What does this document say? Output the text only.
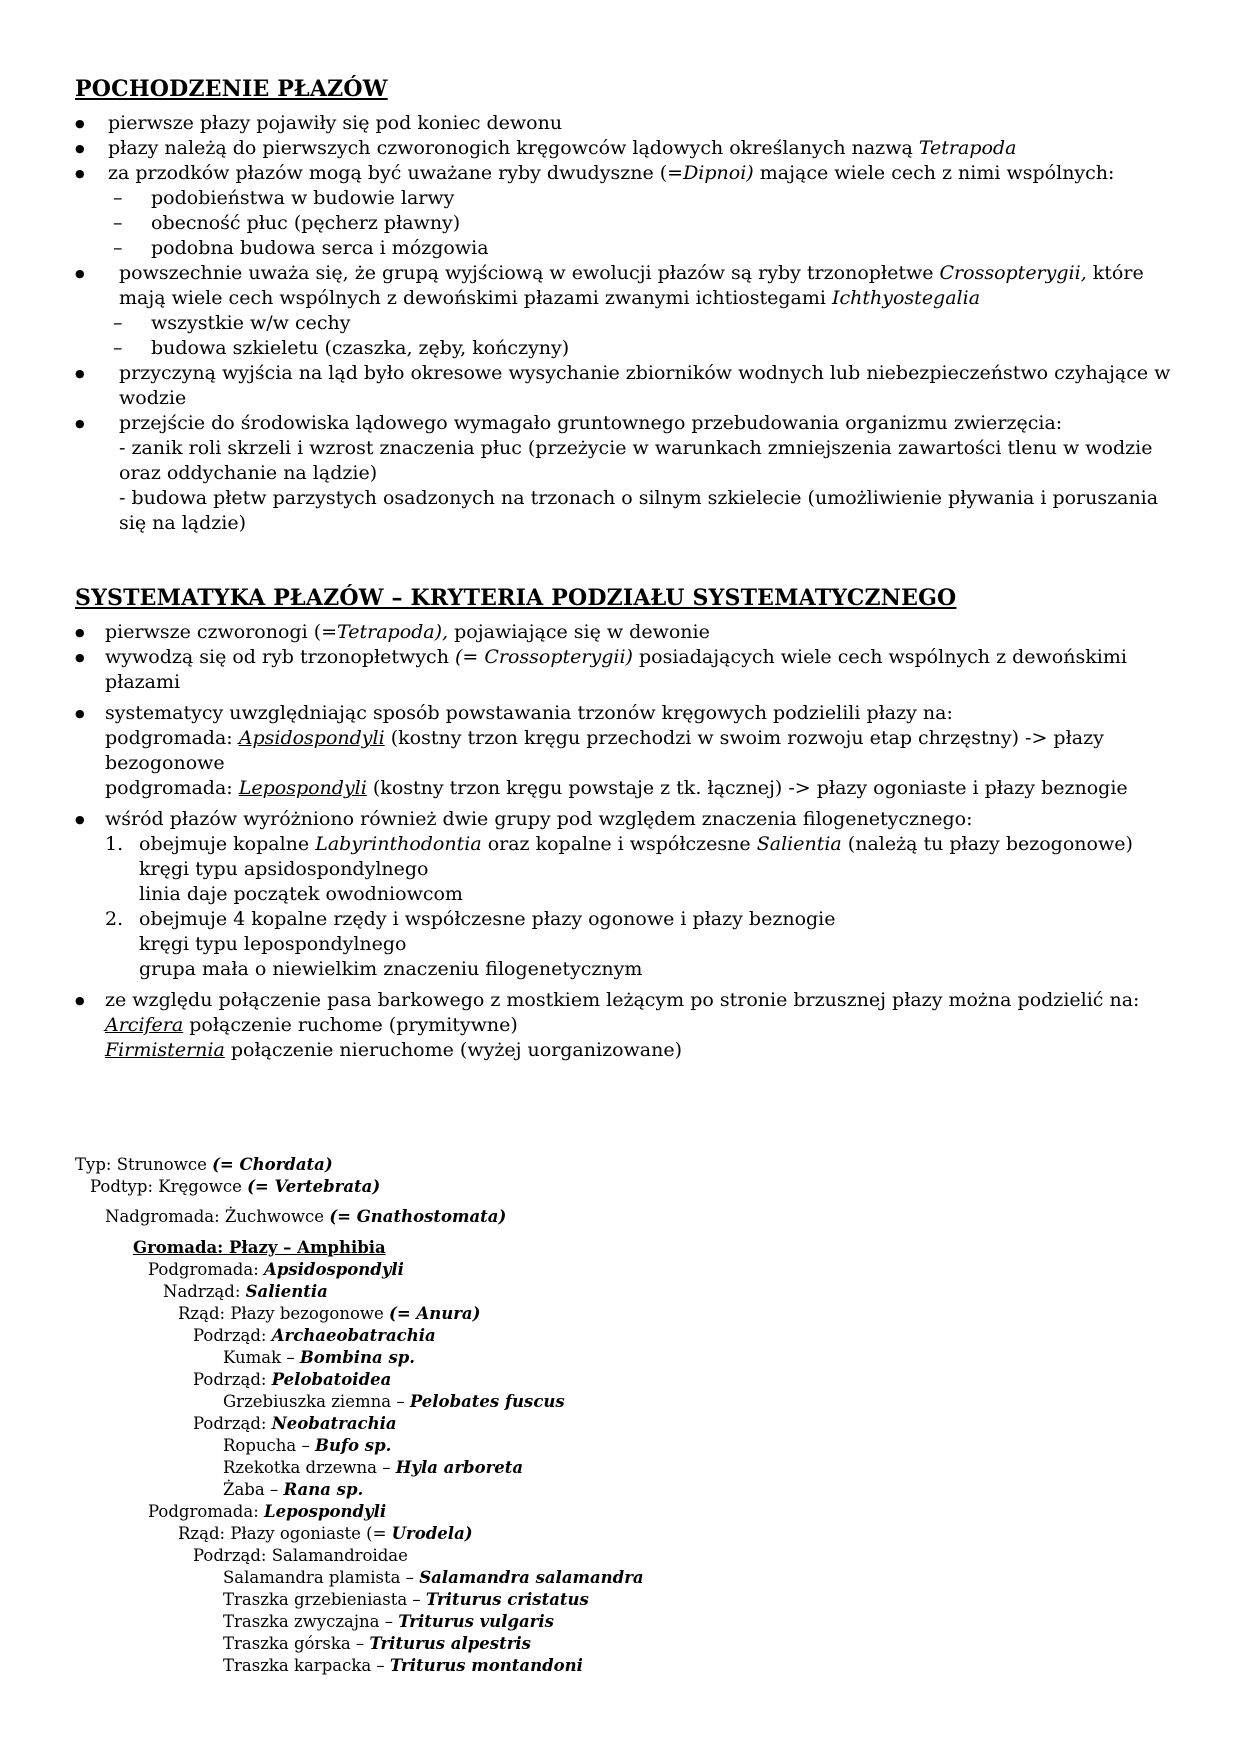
POCHODZENIE PŁAZÓW
● pierwsze płazy pojawiły się pod koniec dewonu
● płazy należą do pierwszych czworonogich kręgowców lądowych określanych nazwą Tetrapoda
● za przodków płazów mogą być uważane ryby dwudyszne (=Dipnoi) mające wiele cech z nimi wspólnych:
– podobieństwa w budowie larwy
– obecność płuc (pęcherz pławny)
– podobna budowa serca i mózgowia
● powszechnie uważa się, że grupą wyjściową w ewolucji płazów są ryby trzonopłetwe Crossopterygii, które mają wiele cech wspólnych z dewońskimi płazami zwanymi ichtiostegami Ichthyostegalia
– wszystkie w/w cechy
– budowa szkieletu (czaszka, zęby, kończyny)
● przyczyną wyjścia na ląd było okresowe wysychanie zbiorników wodnych lub niebezpieczeństwo czyhające w wodzie
● przejście do środowiska lądowego wymagało gruntownego przebudowania organizmu zwierzęcia:
- zanik roli skrzeli i wzrost znaczenia płuc (przeżycie w warunkach zmniejszenia zawartości tlenu w wodzie oraz oddychanie na lądzie)
- budowa płetw parzystych osadzonych na trzonach o silnym szkielecie (umożliwienie pływania i poruszania się na lądzie)
SYSTEMATYKA PŁAZÓW – KRYTERIA PODZIAŁU SYSTEMATYCZNEGO
● pierwsze czworonogi (=Tetrapoda), pojawiające się w dewonie
● wywodzą się od ryb trzonopłetwych (= Crossopterygii) posiadających wiele cech wspólnych z dewońskimi płazami
● systematycy uwzględniając sposób powstawania trzonów kręgowych podzielili płazy na:
podgromada: Apsidospondyli (kostny trzon kręgu przechodzi w swoim rozwoju etap chrzęstny) -> płazy bezogonowe
podgromada: Lepospondyli (kostny trzon kręgu powstaje z tk. łącznej) -> płazy ogoniaste i płazy beznogie
● wśród płazów wyróżniono również dwie grupy pod względem znaczenia filogenetycznego:
1. obejmuje kopalne Labyrinthodontia oraz kopalne i współczesne Salientia (należą tu płazy bezogonowe)
kręgi typu apsidospondylnego
linia daje początek owodniowcom
2. obejmuje 4 kopalne rzędy i współczesne płazy ogonowe i płazy beznogie
kręgi typu lepospondylnego
grupa mała o niewielkim znaczeniu filogenetycznym
● ze względu połączenie pasa barkowego z mostkiem leżącym po stronie brzusznej płazy można podzielić na:
Arcifera połączenie ruchome (prymitywne)
Firmisternia połączenie nieruchome (wyżej uorganizowane)
Typ: Strunowce (= Chordata)
Podtyp: Kręgowce (= Vertebrata)
Nadgromada: Żuchwowce (= Gnathostomata)
Gromada: Płazy – Amphibia
Podgromada: Apsidospondyli
Nadrząd: Salientia
Rząd: Płazy bezogonowe (= Anura)
Podrząd: Archaeobatrachia
Kumak – Bombina sp.
Podrząd: Pelobatoidea
Grzebiuszka ziemna – Pelobates fuscus
Podrząd: Neobatrachia
Ropucha – Bufo sp.
Rzekotka drzewna – Hyla arboreta
Żaba – Rana sp.
Podgromada: Lepospondyli
Rząd: Płazy ogoniaste (= Urodela)
Podrząd: Salamandroidae
Salamandra plamista – Salamandra salamandra
Traszka grzebieniasta – Triturus cristatus
Traszka zwyczajna – Triturus vulgaris
Traszka górska – Triturus alpestris
Traszka karpacka – Triturus montandoni
